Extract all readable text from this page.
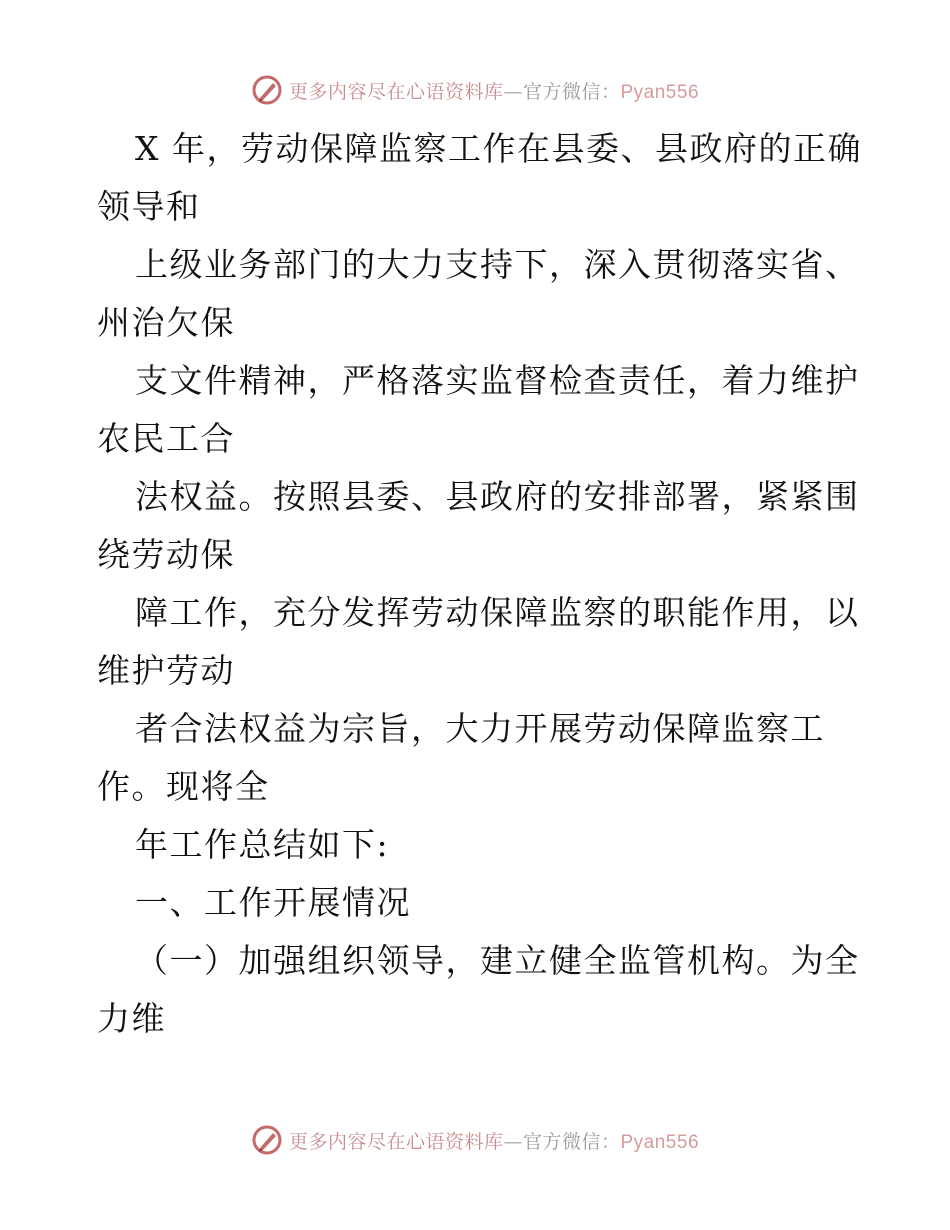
更多内容尽在心语资料库—官方微信：Pyan556
X 年，劳动保障监察工作在县委、县政府的正确
领导和
上级业务部门的大力支持下，深入贯彻落实省、
州治欠保
支文件精神，严格落实监督检查责任，着力维护
农民工合
法权益。按照县委、县政府的安排部署，紧紧围
绕劳动保
障工作，充分发挥劳动保障监察的职能作用，以
维护劳动
者合法权益为宗旨，大力开展劳动保障监察工
作。现将全
年工作总结如下:
一、工作开展情况
（一）加强组织领导，建立健全监管机构。为全
力维
更多内容尽在心语资料库—官方微信：Pyan556
